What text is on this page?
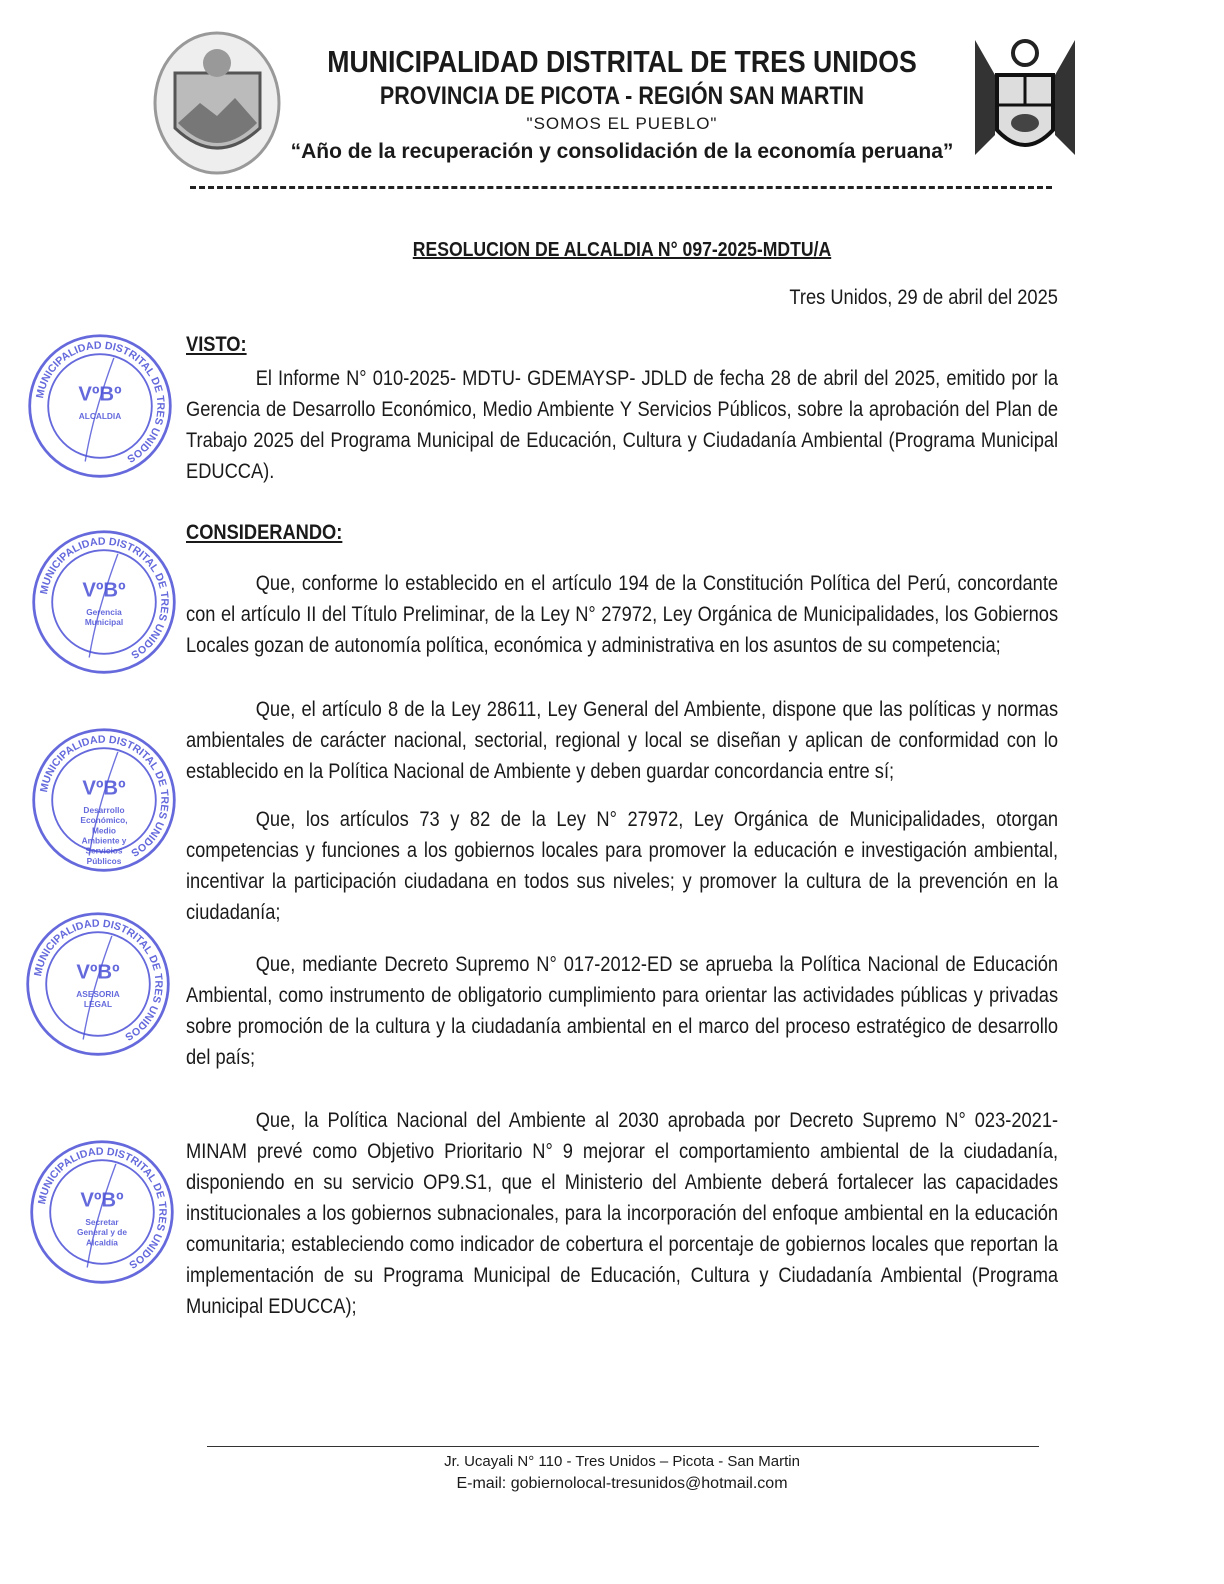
MUNICIPALIDAD DISTRITAL DE TRES UNIDOS
PROVINCIA DE PICOTA - REGIÓN SAN MARTIN
"SOMOS EL PUEBLO"
“Año de la recuperación y consolidación de la economía peruana”
RESOLUCION DE ALCALDIA N° 097-2025-MDTU/A
Tres Unidos, 29 de abril del 2025
VISTO:

El Informe N° 010-2025- MDTU- GDEMAYSP- JDLD de fecha 28 de abril del 2025, emitido por la Gerencia de Desarrollo Económico, Medio Ambiente Y Servicios Públicos, sobre la aprobación del Plan de Trabajo 2025 del Programa Municipal de Educación, Cultura y Ciudadanía Ambiental (Programa Municipal EDUCCA).

CONSIDERANDO:

Que, conforme lo establecido en el artículo 194 de la Constitución Política del Perú, concordante con el artículo II del Título Preliminar, de la Ley N° 27972, Ley Orgánica de Municipalidades, los Gobiernos Locales gozan de autonomía política, económica y administrativa en los asuntos de su competencia;

Que, el artículo 8 de la Ley 28611, Ley General del Ambiente, dispone que las políticas y normas ambientales de carácter nacional, sectorial, regional y local se diseñan y aplican de conformidad con lo establecido en la Política Nacional de Ambiente y deben guardar concordancia entre sí;

Que, los artículos 73 y 82 de la Ley N° 27972, Ley Orgánica de Municipalidades, otorgan competencias y funciones a los gobiernos locales para promover la educación e investigación ambiental, incentivar la participación ciudadana en todos sus niveles; y promover la cultura de la prevención en la ciudadanía;

Que, mediante Decreto Supremo N° 017-2012-ED se aprueba la Política Nacional de Educación Ambiental, como instrumento de obligatorio cumplimiento para orientar las actividades públicas y privadas sobre promoción de la cultura y la ciudadanía ambiental en el marco del proceso estratégico de desarrollo del país;

Que, la Política Nacional del Ambiente al 2030 aprobada por Decreto Supremo N° 023-2021-MINAM prevé como Objetivo Prioritario N° 9 mejorar el comportamiento ambiental de la ciudadanía, disponiendo en su servicio OP9.S1, que el Ministerio del Ambiente deberá fortalecer las capacidades institucionales a los gobiernos subnacionales, para la incorporación del enfoque ambiental en la educación comunitaria; estableciendo como indicador de cobertura el porcentaje de gobiernos locales que reportan la implementación de su Programa Municipal de Educación, Cultura y Ciudadanía Ambiental (Programa Municipal EDUCCA);

MUNICIPALIDAD DISTRITAL DE TRES UNIDOS
VºBº
ALCALDIA
MUNICIPALIDAD DISTRITAL DE TRES UNIDOS
VºBº
Gerencia
Municipal
MUNICIPALIDAD DISTRITAL DE TRES UNIDOS
VºBº
Desarrollo
Económico,
Medio
Ambiente y
Servicios
Públicos
MUNICIPALIDAD DISTRITAL DE TRES UNIDOS
VºBº
ASESORIA
LEGAL
MUNICIPALIDAD DISTRITAL DE TRES UNIDOS
VºBº
Secretar
General y de
Alcaldía
Jr. Ucayali N° 110 - Tres Unidos – Picota - San Martin
E-mail: gobiernolocal-tresunidos@hotmail.com
